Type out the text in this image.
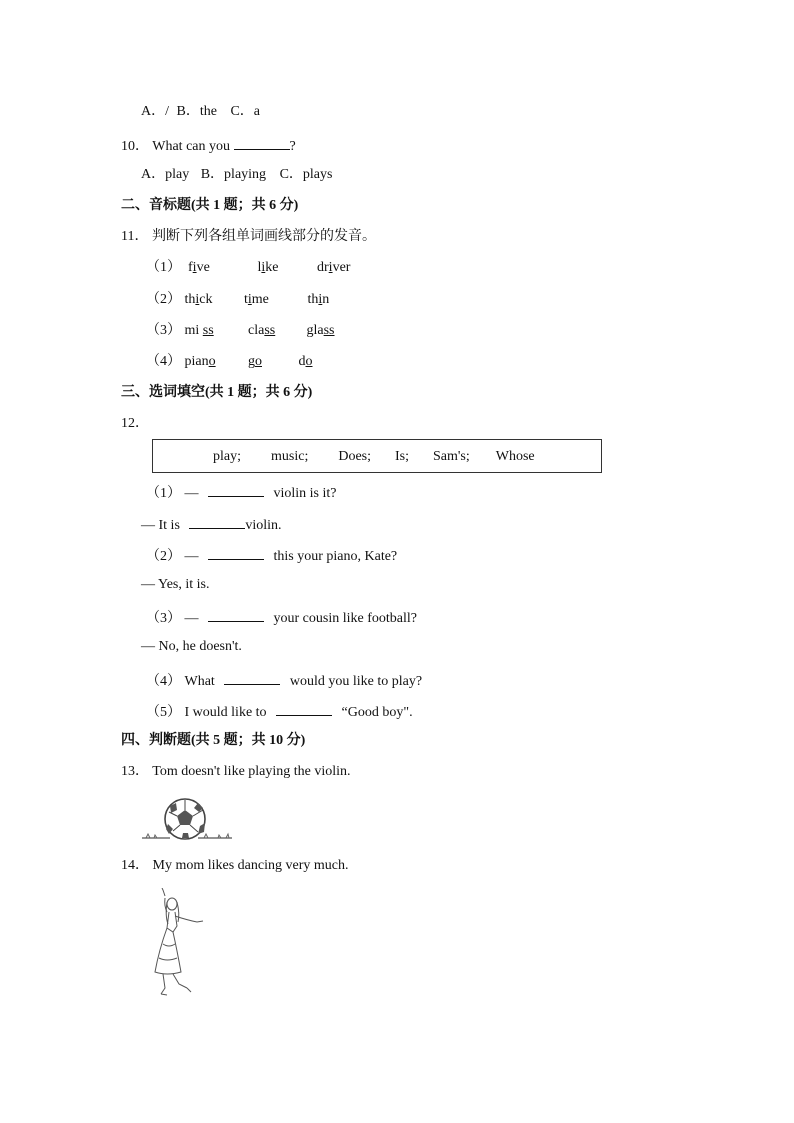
A．/ B．the C．a
10． What can you	?
A．play B．playing C．plays
二、音标题(共 1 题；共 6 分)
11． 判断下列各组单词画线部分的发音。
（1） five	like	driver
（2） thick time	thin
（3） mi ss class glass
（4） piano go	do
三、选词填空(共 1 题；共 6 分)
12．
play; music; Does; Is; Sam's; Whose
（1） —	violin is it?
— It is	violin.
（2） —	this your piano, Kate?
— Yes, it is.
（3） —	your cousin like football?
— No, he doesn't.
（4） What	would you like to play?
（5） I would like to	“Good boy".
四、判断题(共 5 题；共 10 分)
13． Tom doesn't like playing the violin.
14． My mom likes dancing very much.
